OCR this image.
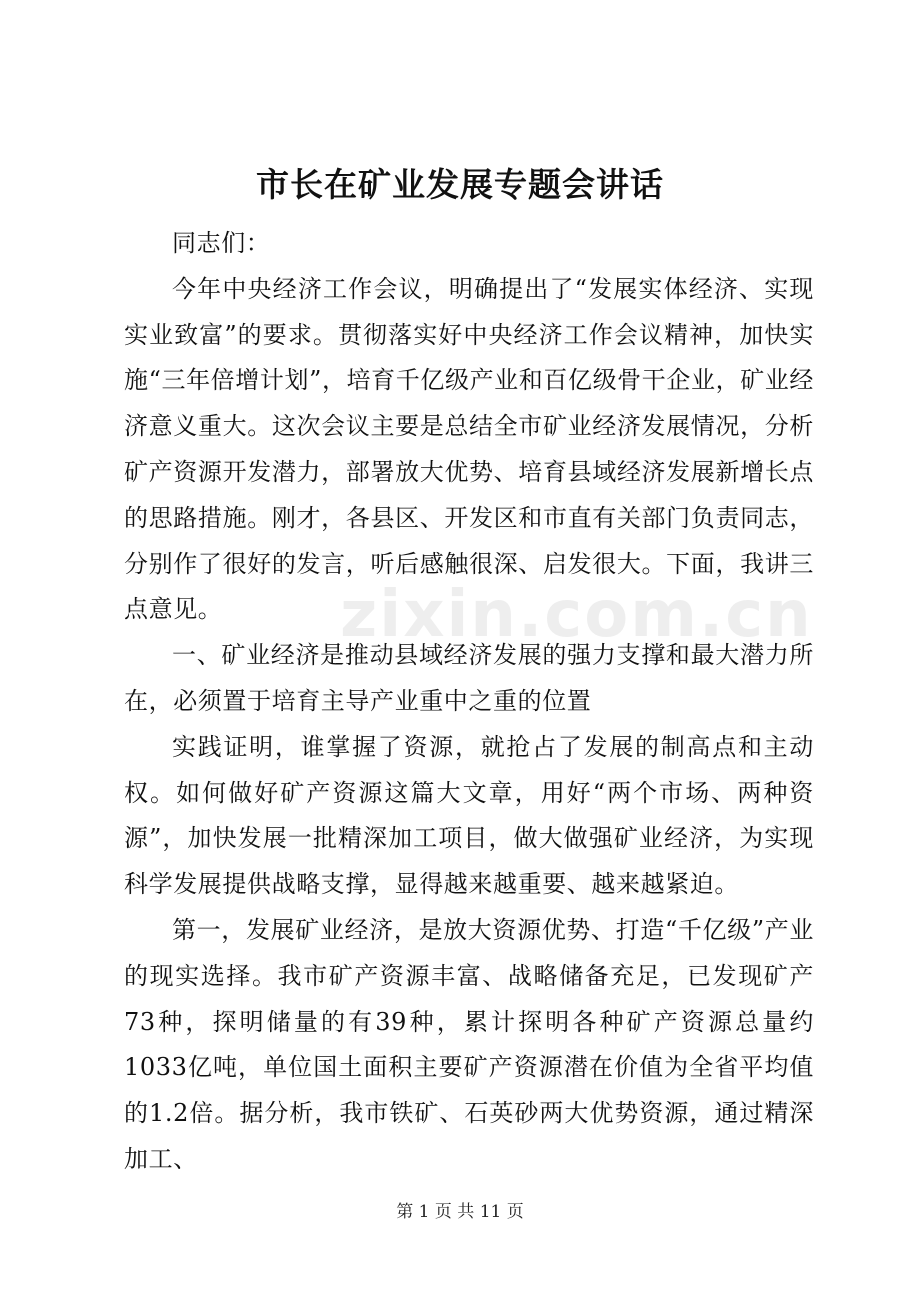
市长在矿业发展专题会讲话

同志们：

今年中央经济工作会议，明确提出了“发展实体经济、实现实业致富”的要求。贯彻落实好中央经济工作会议精神，加快实施“三年倍增计划”，培育千亿级产业和百亿级骨干企业，矿业经济意义重大。这次会议主要是总结全市矿业经济发展情况，分析矿产资源开发潜力，部署放大优势、培育县域经济发展新增长点的思路措施。刚才，各县区、开发区和市直有关部门负责同志，分别作了很好的发言，听后感触很深、启发很大。下面，我讲三点意见。

一、矿业经济是推动县域经济发展的强力支撑和最大潜力所在，必须置于培育主导产业重中之重的位置

实践证明，谁掌握了资源，就抢占了发展的制高点和主动权。如何做好矿产资源这篇大文章，用好“两个市场、两种资源”，加快发展一批精深加工项目，做大做强矿业经济，为实现科学发展提供战略支撑，显得越来越重要、越来越紧迫。

第一，发展矿业经济，是放大资源优势、打造“千亿级”产业的现实选择。我市矿产资源丰富、战略储备充足，已发现矿产73种，探明储量的有39种，累计探明各种矿产资源总量约1033亿吨，单位国土面积主要矿产资源潜在价值为全省平均值的1.2倍。据分析，我市铁矿、石英砂两大优势资源，通过精深加工、

zixin.com.cn
第 1 页 共 11 页
